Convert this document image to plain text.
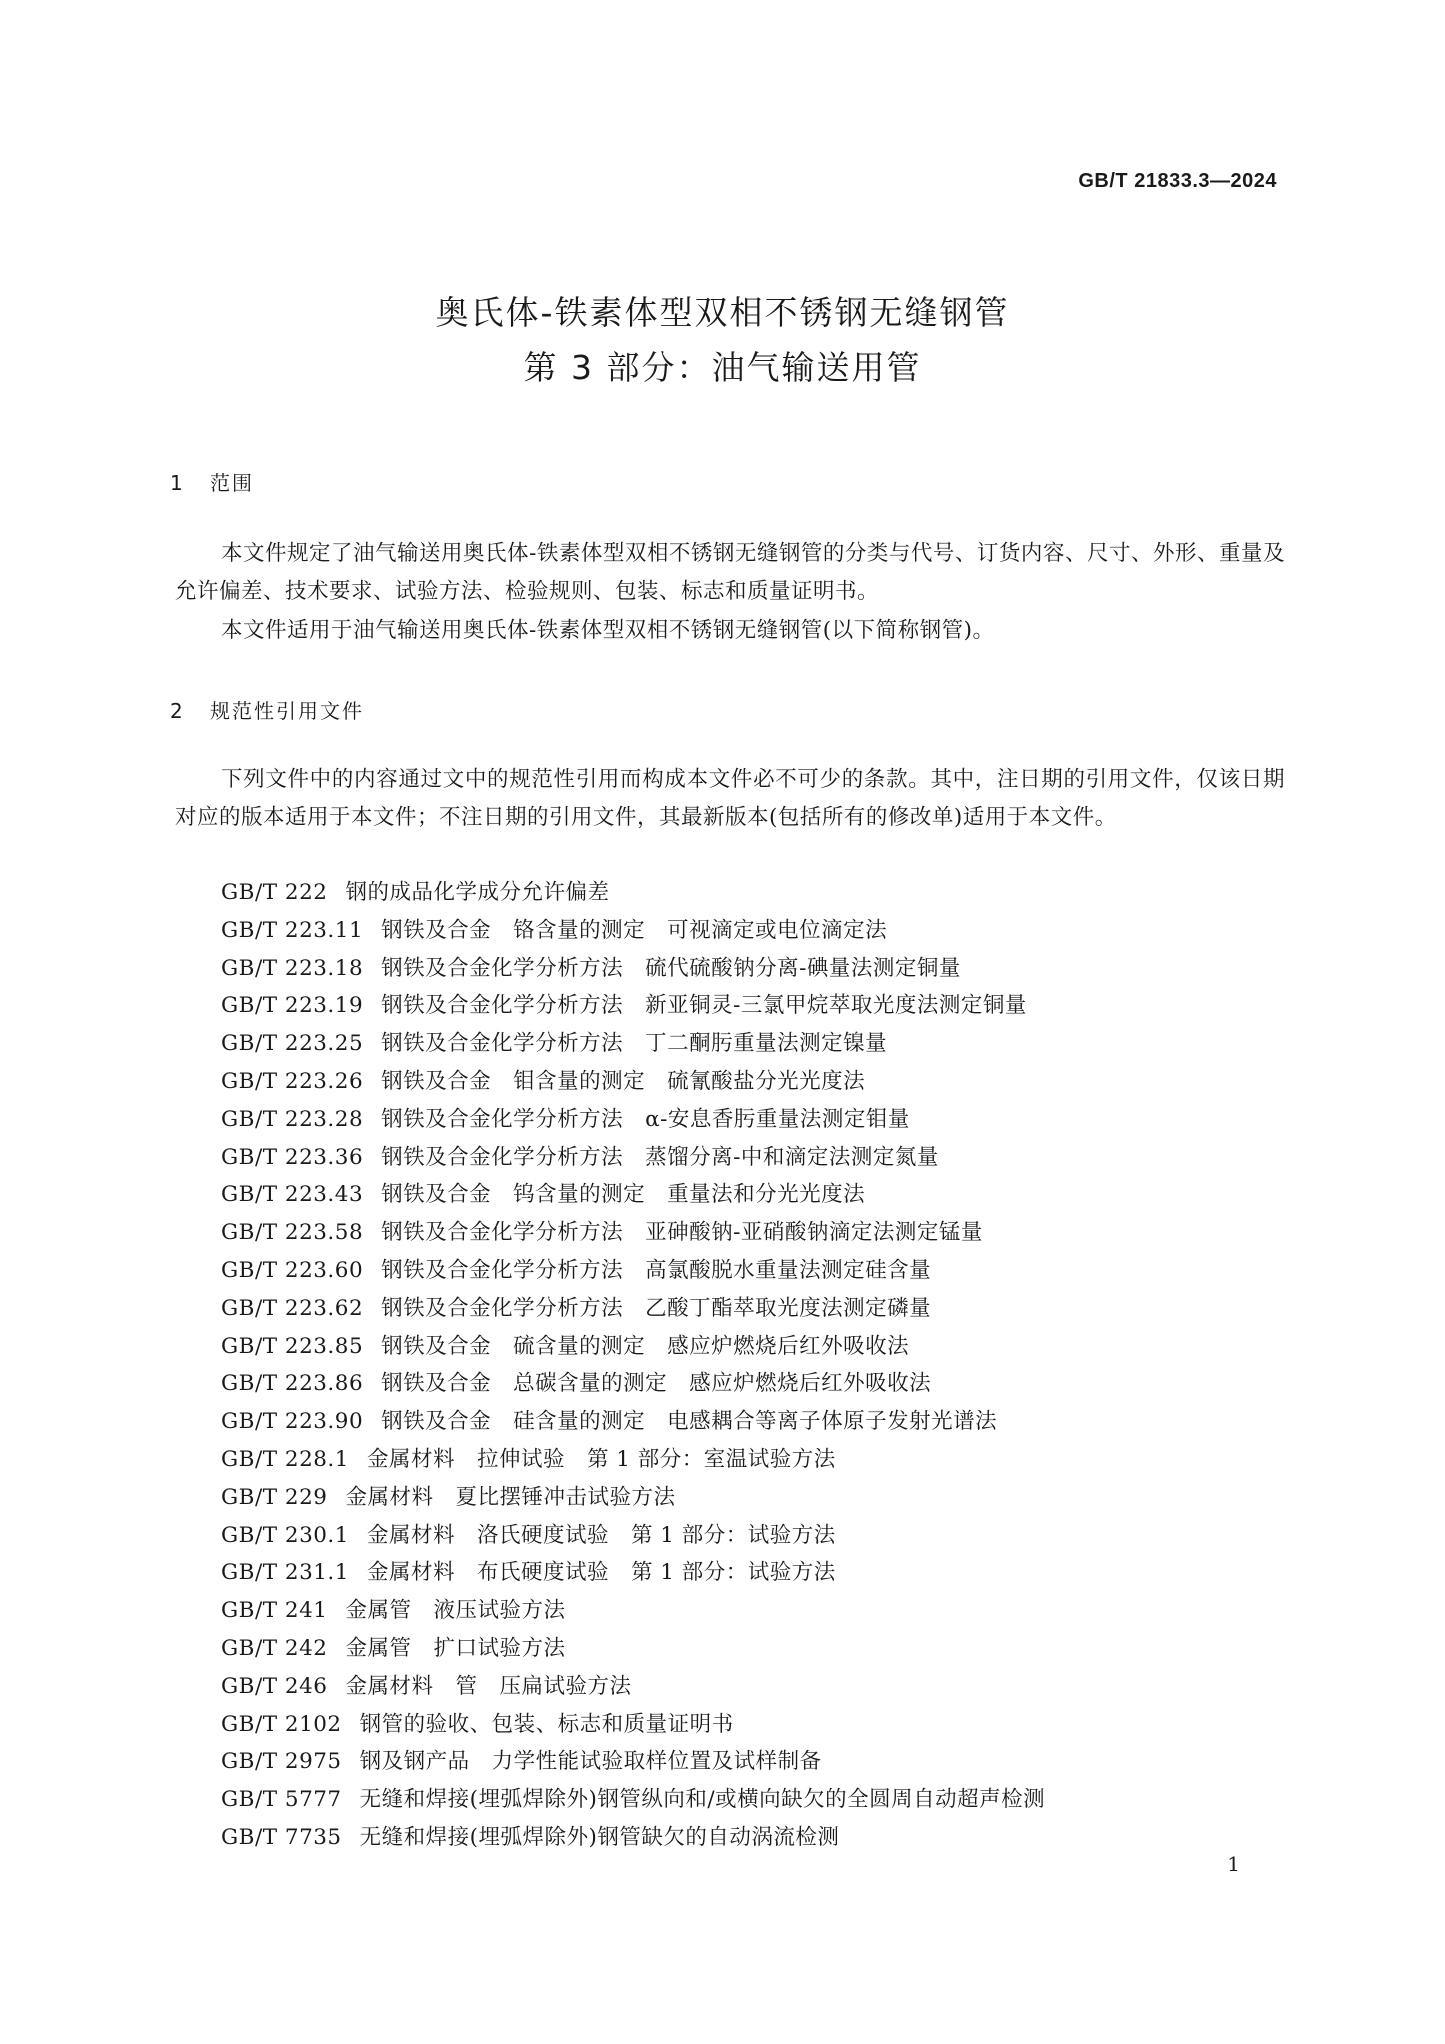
GB/T 21833.3—2024
奥氏体-铁素体型双相不锈钢无缝钢管
第 3 部分：油气输送用管
1 范围
本文件规定了油气输送用奥氏体-铁素体型双相不锈钢无缝钢管的分类与代号、订货内容、尺寸、外形、重量及允许偏差、技术要求、试验方法、检验规则、包装、标志和质量证明书。
本文件适用于油气输送用奥氏体-铁素体型双相不锈钢无缝钢管(以下简称钢管)。
2 规范性引用文件
下列文件中的内容通过文中的规范性引用而构成本文件必不可少的条款。其中，注日期的引用文件，仅该日期对应的版本适用于本文件；不注日期的引用文件，其最新版本(包括所有的修改单)适用于本文件。
GB/T 222 钢的成品化学成分允许偏差
GB/T 223.11 钢铁及合金　铬含量的测定　可视滴定或电位滴定法
GB/T 223.18 钢铁及合金化学分析方法　硫代硫酸钠分离-碘量法测定铜量
GB/T 223.19 钢铁及合金化学分析方法　新亚铜灵-三氯甲烷萃取光度法测定铜量
GB/T 223.25 钢铁及合金化学分析方法　丁二酮肟重量法测定镍量
GB/T 223.26 钢铁及合金　钼含量的测定　硫氰酸盐分光光度法
GB/T 223.28 钢铁及合金化学分析方法　α-安息香肟重量法测定钼量
GB/T 223.36 钢铁及合金化学分析方法　蒸馏分离-中和滴定法测定氮量
GB/T 223.43 钢铁及合金　钨含量的测定　重量法和分光光度法
GB/T 223.58 钢铁及合金化学分析方法　亚砷酸钠-亚硝酸钠滴定法测定锰量
GB/T 223.60 钢铁及合金化学分析方法　高氯酸脱水重量法测定硅含量
GB/T 223.62 钢铁及合金化学分析方法　乙酸丁酯萃取光度法测定磷量
GB/T 223.85 钢铁及合金　硫含量的测定　感应炉燃烧后红外吸收法
GB/T 223.86 钢铁及合金　总碳含量的测定　感应炉燃烧后红外吸收法
GB/T 223.90 钢铁及合金　硅含量的测定　电感耦合等离子体原子发射光谱法
GB/T 228.1 金属材料　拉伸试验　第 1 部分：室温试验方法
GB/T 229 金属材料　夏比摆锤冲击试验方法
GB/T 230.1 金属材料　洛氏硬度试验　第 1 部分：试验方法
GB/T 231.1 金属材料　布氏硬度试验　第 1 部分：试验方法
GB/T 241 金属管　液压试验方法
GB/T 242 金属管　扩口试验方法
GB/T 246 金属材料　管　压扁试验方法
GB/T 2102 钢管的验收、包装、标志和质量证明书
GB/T 2975 钢及钢产品　力学性能试验取样位置及试样制备
GB/T 5777 无缝和焊接(埋弧焊除外)钢管纵向和/或横向缺欠的全圆周自动超声检测
GB/T 7735 无缝和焊接(埋弧焊除外)钢管缺欠的自动涡流检测
1
